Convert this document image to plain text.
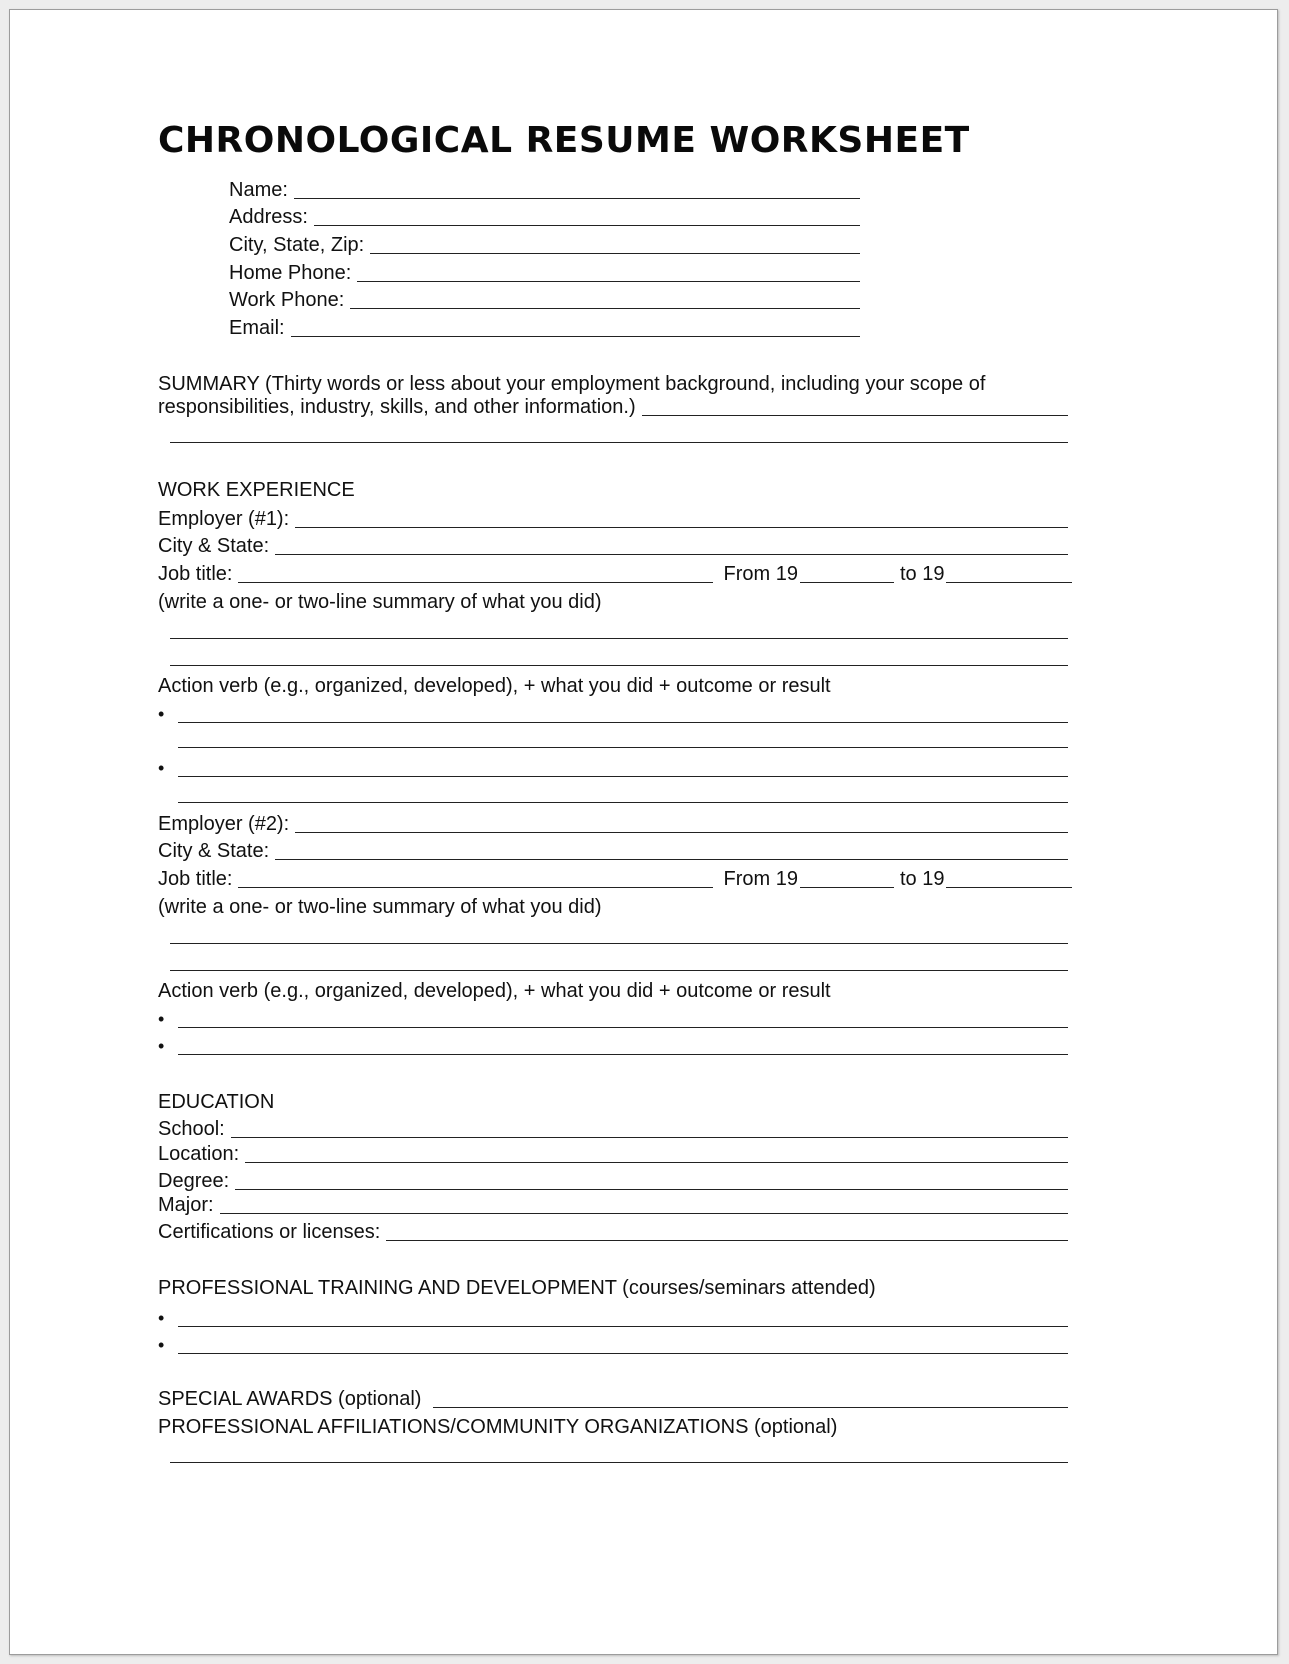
CHRONOLOGICAL RESUME WORKSHEET
Name:
Address:
City, State, Zip:
Home Phone:
Work Phone:
Email:
SUMMARY (Thirty words or less about your employment background, including your scope of
responsibilities, industry, skills, and other information.)
WORK EXPERIENCE
Employer (#1):
City & State:
Job title:	From 19	to 19
(write a one- or two-line summary of what you did)
Action verb (e.g., organized, developed), + what you did + outcome or result
•
•
Employer (#2):
City & State:
Job title:	From 19	to 19
(write a one- or two-line summary of what you did)
Action verb (e.g., organized, developed), + what you did + outcome or result
•
•
EDUCATION
School:
Location:
Degree:
Major:
Certifications or licenses:
PROFESSIONAL TRAINING AND DEVELOPMENT (courses/seminars attended)
•
•
SPECIAL AWARDS (optional)
PROFESSIONAL AFFILIATIONS/COMMUNITY ORGANIZATIONS (optional)
